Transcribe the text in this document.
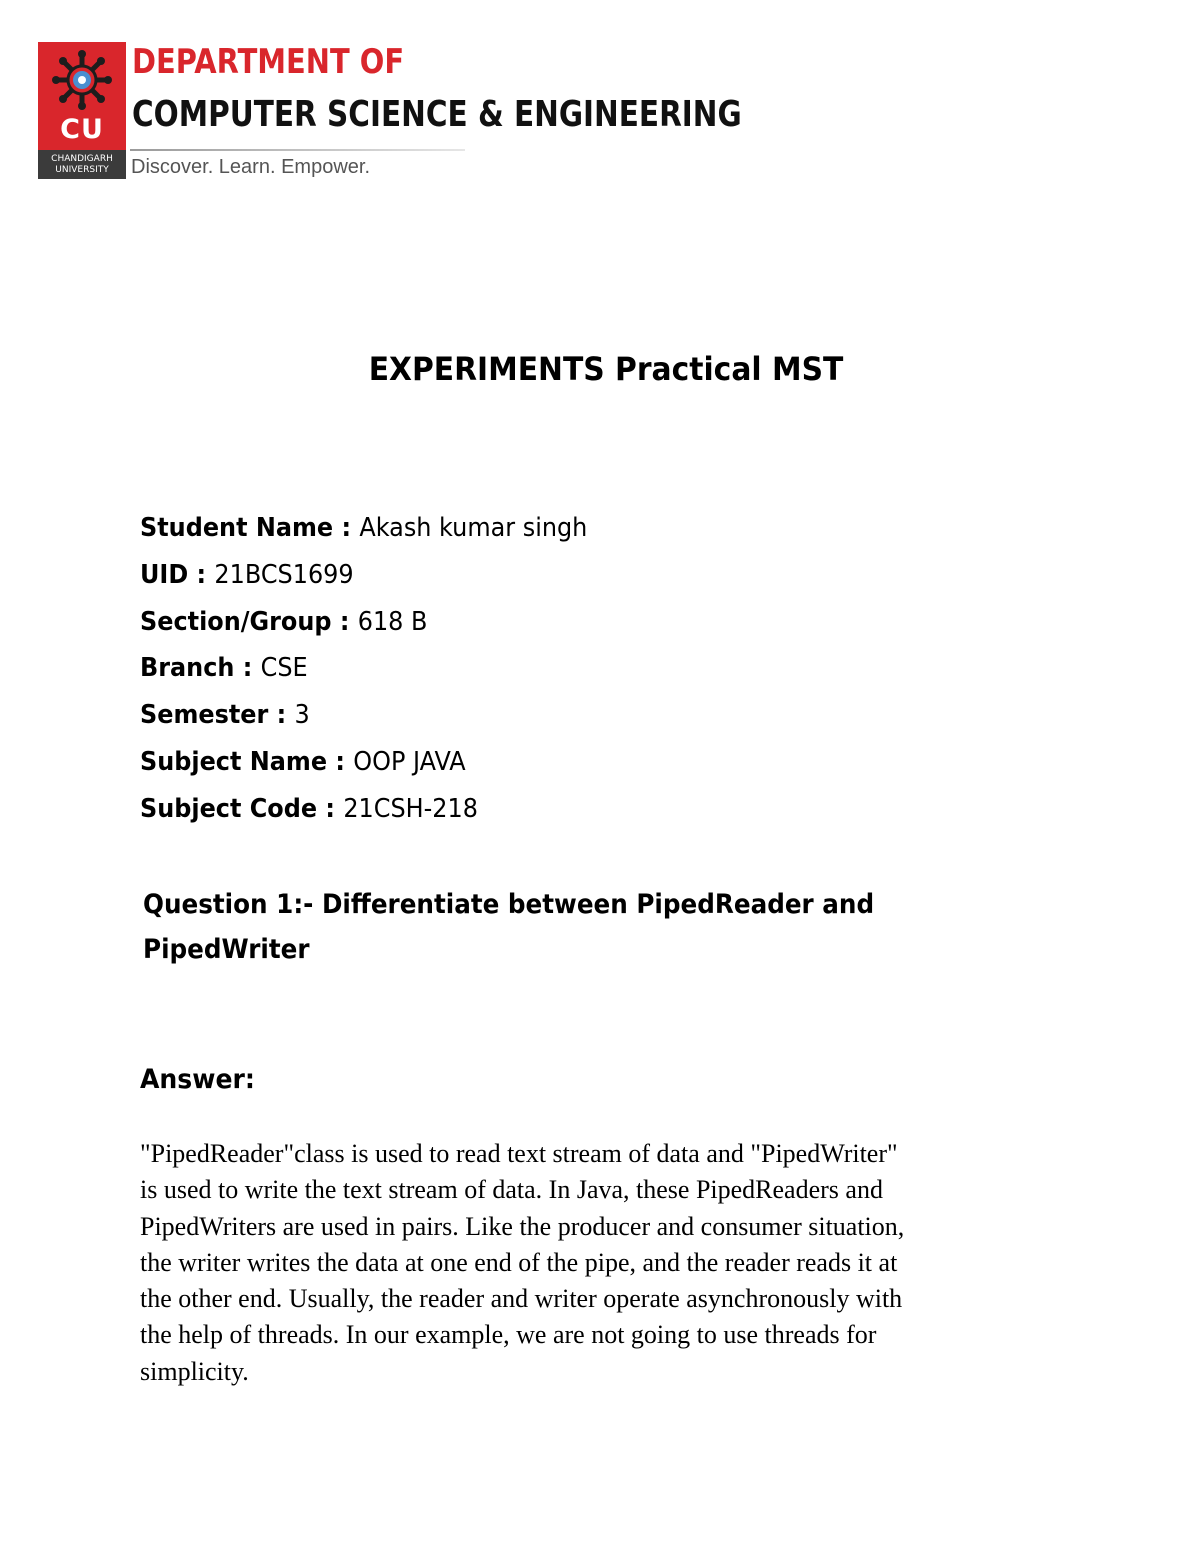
CU
CHANDIGARH
UNIVERSITY
DEPARTMENT OF
COMPUTER SCIENCE & ENGINEERING
Discover. Learn. Empower.
EXPERIMENTS Practical MST
Student Name : Akash kumar singh
UID : 21BCS1699
Section/Group : 618 B
Branch : CSE
Semester : 3
Subject Name : OOP JAVA
Subject Code : 21CSH-218
Question 1:- Differentiate between PipedReader and
PipedWriter
Answer:
"PipedReader"class is used to read text stream of data and "PipedWriter"
is used to write the text stream of data. In Java, these PipedReaders and
PipedWriters are used in pairs. Like the producer and consumer situation,
the writer writes the data at one end of the pipe, and the reader reads it at
the other end. Usually, the reader and writer operate asynchronously with
the help of threads. In our example, we are not going to use threads for
simplicity.
